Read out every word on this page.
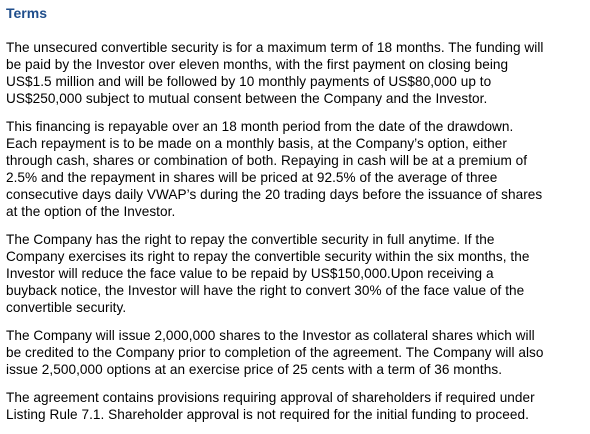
Terms

The unsecured convertible security is for a maximum term of 18 months. The funding will
be paid by the Investor over eleven months, with the first payment on closing being
US$1.5 million and will be followed by 10 monthly payments of US$80,000 up to
US$250,000 subject to mutual consent between the Company and the Investor.

This financing is repayable over an 18 month period from the date of the drawdown.
Each repayment is to be made on a monthly basis, at the Company’s option, either
through cash, shares or combination of both. Repaying in cash will be at a premium of
2.5% and the repayment in shares will be priced at 92.5% of the average of three
consecutive days daily VWAP’s during the 20 trading days before the issuance of shares
at the option of the Investor.

The Company has the right to repay the convertible security in full anytime. If the
Company exercises its right to repay the convertible security within the six months, the
Investor will reduce the face value to be repaid by US$150,000.Upon receiving a
buyback notice, the Investor will have the right to convert 30% of the face value of the
convertible security.

The Company will issue 2,000,000 shares to the Investor as collateral shares which will
be credited to the Company prior to completion of the agreement. The Company will also
issue 2,500,000 options at an exercise price of 25 cents with a term of 36 months.

The agreement contains provisions requiring approval of shareholders if required under
Listing Rule 7.1. Shareholder approval is not required for the initial funding to proceed.
